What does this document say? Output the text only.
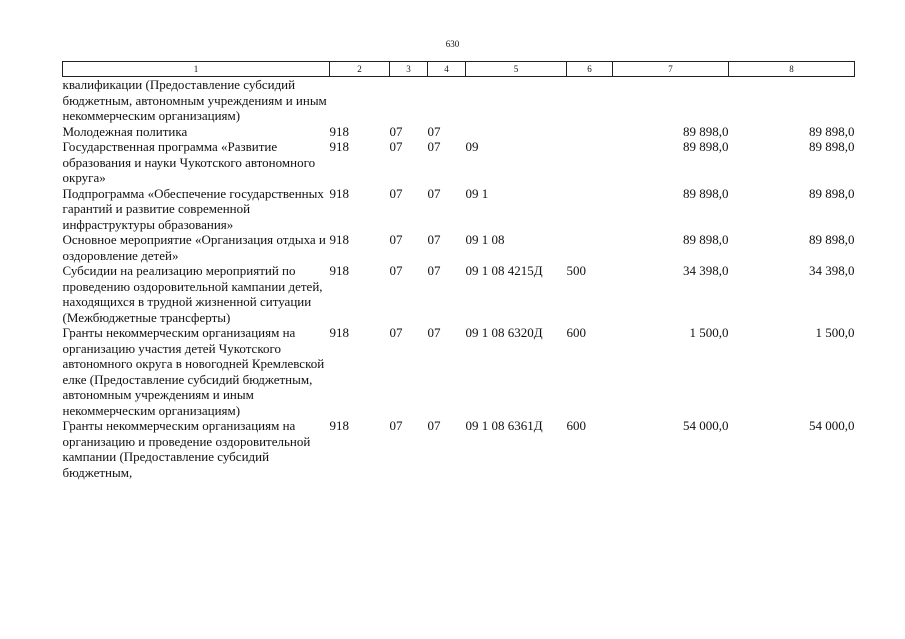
630
1	2	3	4	5	6	7	8
квалификации (Предоставление субсидий бюджетным, автономным учреждениям и иным некоммерческим организациям)							
Молодежная политика	918	07	07			89 898,0	89 898,0
Государственная программа «Развитие образования и науки Чукотского автономного округа»	918	07	07	09		89 898,0	89 898,0
Подпрограмма «Обеспечение государственных гарантий и развитие современной инфраструктуры образования»	918	07	07	09 1		89 898,0	89 898,0
Основное мероприятие «Организация отдыха и оздоровление детей»	918	07	07	09 1 08		89 898,0	89 898,0
Субсидии на реализацию мероприятий по проведению оздоровительной кампании детей, находящихся в трудной жизненной ситуации (Межбюджетные трансферты)	918	07	07	09 1 08 4215Д	500	34 398,0	34 398,0
Гранты некоммерческим организациям на организацию участия детей Чукотского автономного округа в новогодней Кремлевской елке (Предоставление субсидий бюджетным, автономным учреждениям и иным некоммерческим организациям)	918	07	07	09 1 08 6320Д	600	1 500,0	1 500,0
Гранты некоммерческим организациям на организацию и проведение оздоровительной кампании (Предоставление субсидий бюджетным,	918	07	07	09 1 08 6361Д	600	54 000,0	54 000,0
